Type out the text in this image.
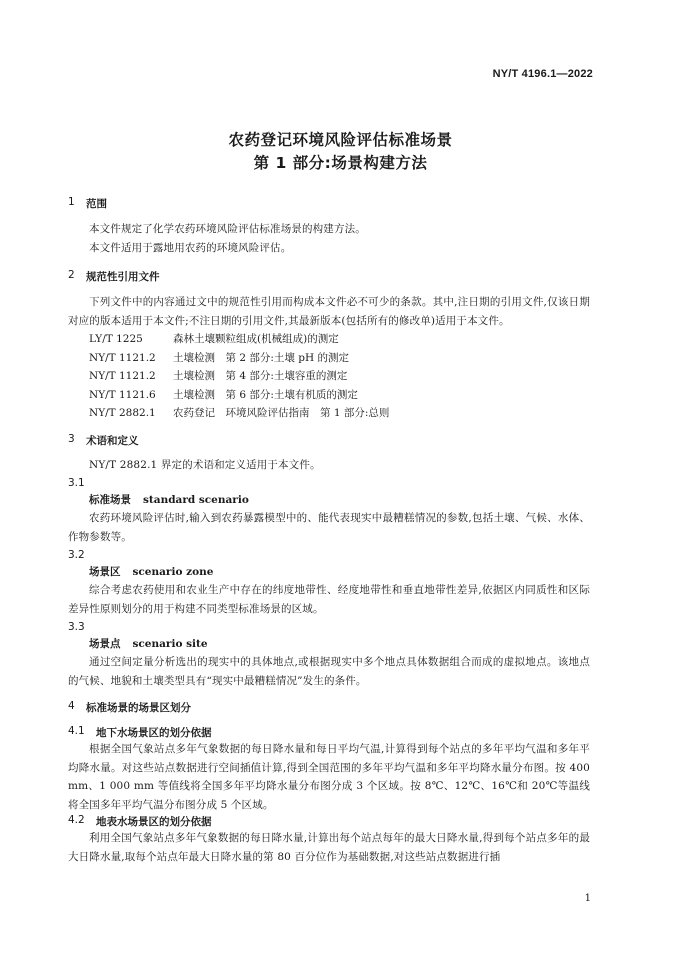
NY/T 4196.1—2022
农药登记环境风险评估标准场景
第 1 部分:场景构建方法
1	范围

本文件规定了化学农药环境风险评估标准场景的构建方法。

本文件适用于露地用农药的环境风险评估。

2	规范性引用文件

下列文件中的内容通过文中的规范性引用而构成本文件必不可少的条款。其中,注日期的引用文件,仅该日期对应的版本适用于本文件;不注日期的引用文件,其最新版本(包括所有的修改单)适用于本文件。

LY/T 1225	森林土壤颗粒组成(机械组成)的测定
NY/T 1121.2 土壤检测　第 2 部分:土壤 pH 的测定
NY/T 1121.2 土壤检测　第 4 部分:土壤容重的测定
NY/T 1121.6 土壤检测　第 6 部分:土壤有机质的测定
NY/T 2882.1 农药登记　环境风险评估指南　第 1 部分:总则
3	术语和定义

NY/T 2882.1 界定的术语和定义适用于本文件。

3.1
标准场景 standard scenario

农药环境风险评估时,输入到农药暴露模型中的、能代表现实中最糟糕情况的参数,包括土壤、气候、水体、作物参数等。

3.2
场景区 scenario zone

综合考虑农药使用和农业生产中存在的纬度地带性、经度地带性和垂直地带性差异,依据区内同质性和区际差异性原则划分的用于构建不同类型标准场景的区域。

3.3
场景点 scenario site

通过空间定量分析选出的现实中的具体地点,或根据现实中多个地点具体数据组合而成的虚拟地点。该地点的气候、地貌和土壤类型具有“现实中最糟糕情况”发生的条件。

4	标准场景的场景区划分
4.1	地下水场景区的划分依据

根据全国气象站点多年气象数据的每日降水量和每日平均气温,计算得到每个站点的多年平均气温和多年平均降水量。对这些站点数据进行空间插值计算,得到全国范围的多年平均气温和多年平均降水量分布图。按 400 mm、1 000 mm 等值线将全国多年平均降水量分布图分成 3 个区域。按 8℃、12℃、16℃和 20℃等温线将全国多年平均气温分布图分成 5 个区域。

4.2	地表水场景区的划分依据

利用全国气象站点多年气象数据的每日降水量,计算出每个站点每年的最大日降水量,得到每个站点多年的最大日降水量,取每个站点年最大日降水量的第 80 百分位作为基础数据,对这些站点数据进行插

1
